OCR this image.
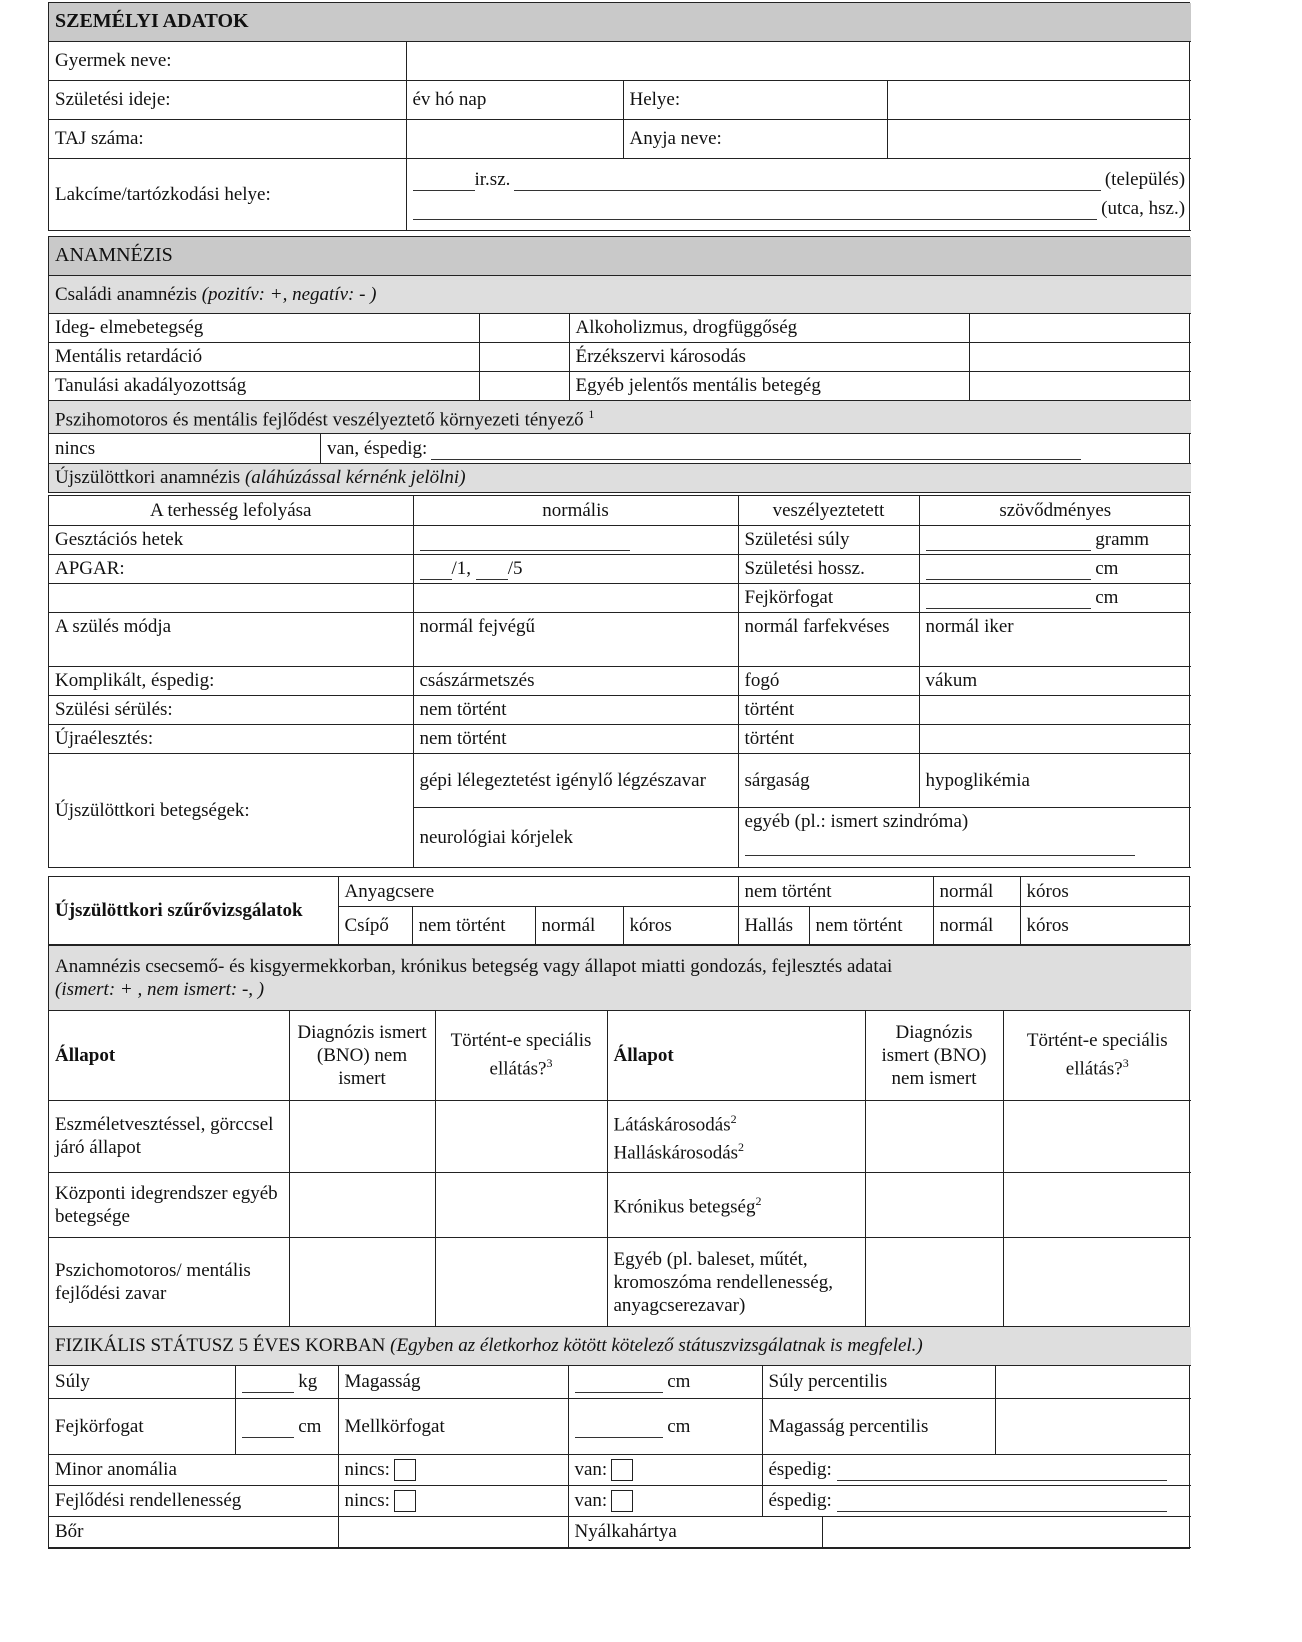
SZEMÉLYI ADATOK			
Gyermek neve:			
Születési ideje:	év hó nap	Helye:	
TAJ száma:		Anyja neve:	
Lakcíme/tartózkodási helye:	ir.sz. (település)
(utca, hsz.)		
ANAMNÉZIS			
Családi anamnézis (pozitív: +, negatív: - )			
Ideg- elmebetegség		Alkoholizmus, drogfüggőség	
Mentális retardáció		Érzékszervi károsodás	
Tanulási akadályozottság		Egyéb jelentős mentális betegég	
Pszihomotoros és mentális fejlődést veszélyeztető környezeti tényező $^1$

nincs van, éspedig:			

Újszülöttkori anamnézis (aláhúzással kérnénk jelölni)			
A terhesség lefolyása	normális	veszélyeztetett	szövődményes
Gesztációs hetek		Születési súly	gramm
APGAR:	/1, /5	Születési hossz.	cm
		Fejkörfogat	cm
A szülés módja	normál fejvégű	normál farfekvéses	normál iker
Komplikált, éspedig:	császármetszés	fogó	vákum
Szülési sérülés:	nem történt	történt	
Újraélesztés:	nem történt	történt	
Újszülöttkori betegségek:	gépi lélegeztetést igénylő légzészavar	sárgaság	hypoglikémia
	neurológiai kórjelek	egyéb (pl.: ismert szindróma)	
Újszülöttkori szűrővizsgálatok	Anyagcsere				nem történt		normál	kóros
	Csípő	nem történt	normál	kóros	Hallás	nem történt	normál	kóros
Anamnézis csecsemő- és kisgyermekkorban, krónikus betegség vagy állapot miatti gondozás, fejlesztés adatai
(ismert: + , nem ismert: -, )					

Állapot	Diagnózis ismert (BNO) nem ismert	Történt-e speciális ellátás?$^3$	Állapot	Diagnózis ismert (BNO) nem ismert	Történt-e speciális ellátás?$^3$
Eszméletvesztéssel, görccsel járó állapot			Látáskárosodás$^2$
Halláskárosodás$^2$

Központi idegrendszer egyéb betegsége			Krónikus betegség$^2$		
Pszichomotoros/ mentális fejlődési zavar			Egyéb (pl. baleset, műtét, kromoszóma rendellenesség, anyagcserezavar)		
FIZIKÁLIS STÁTUSZ 5 ÉVES KORBAN (Egyben az életkorhoz kötött kötelező státuszvizsgálatnak is megfelel.)						
Súly	kg	Magasság	cm	Súly percentilis		
Fejkörfogat	cm	Mellkörfogat	cm	Magasság percentilis		
Minor anomália		nincs:	van:	éspedig:		
Fejlődési rendellenesség		nincs:	van:	éspedig:		
Bőr			Nyálkahártya			
